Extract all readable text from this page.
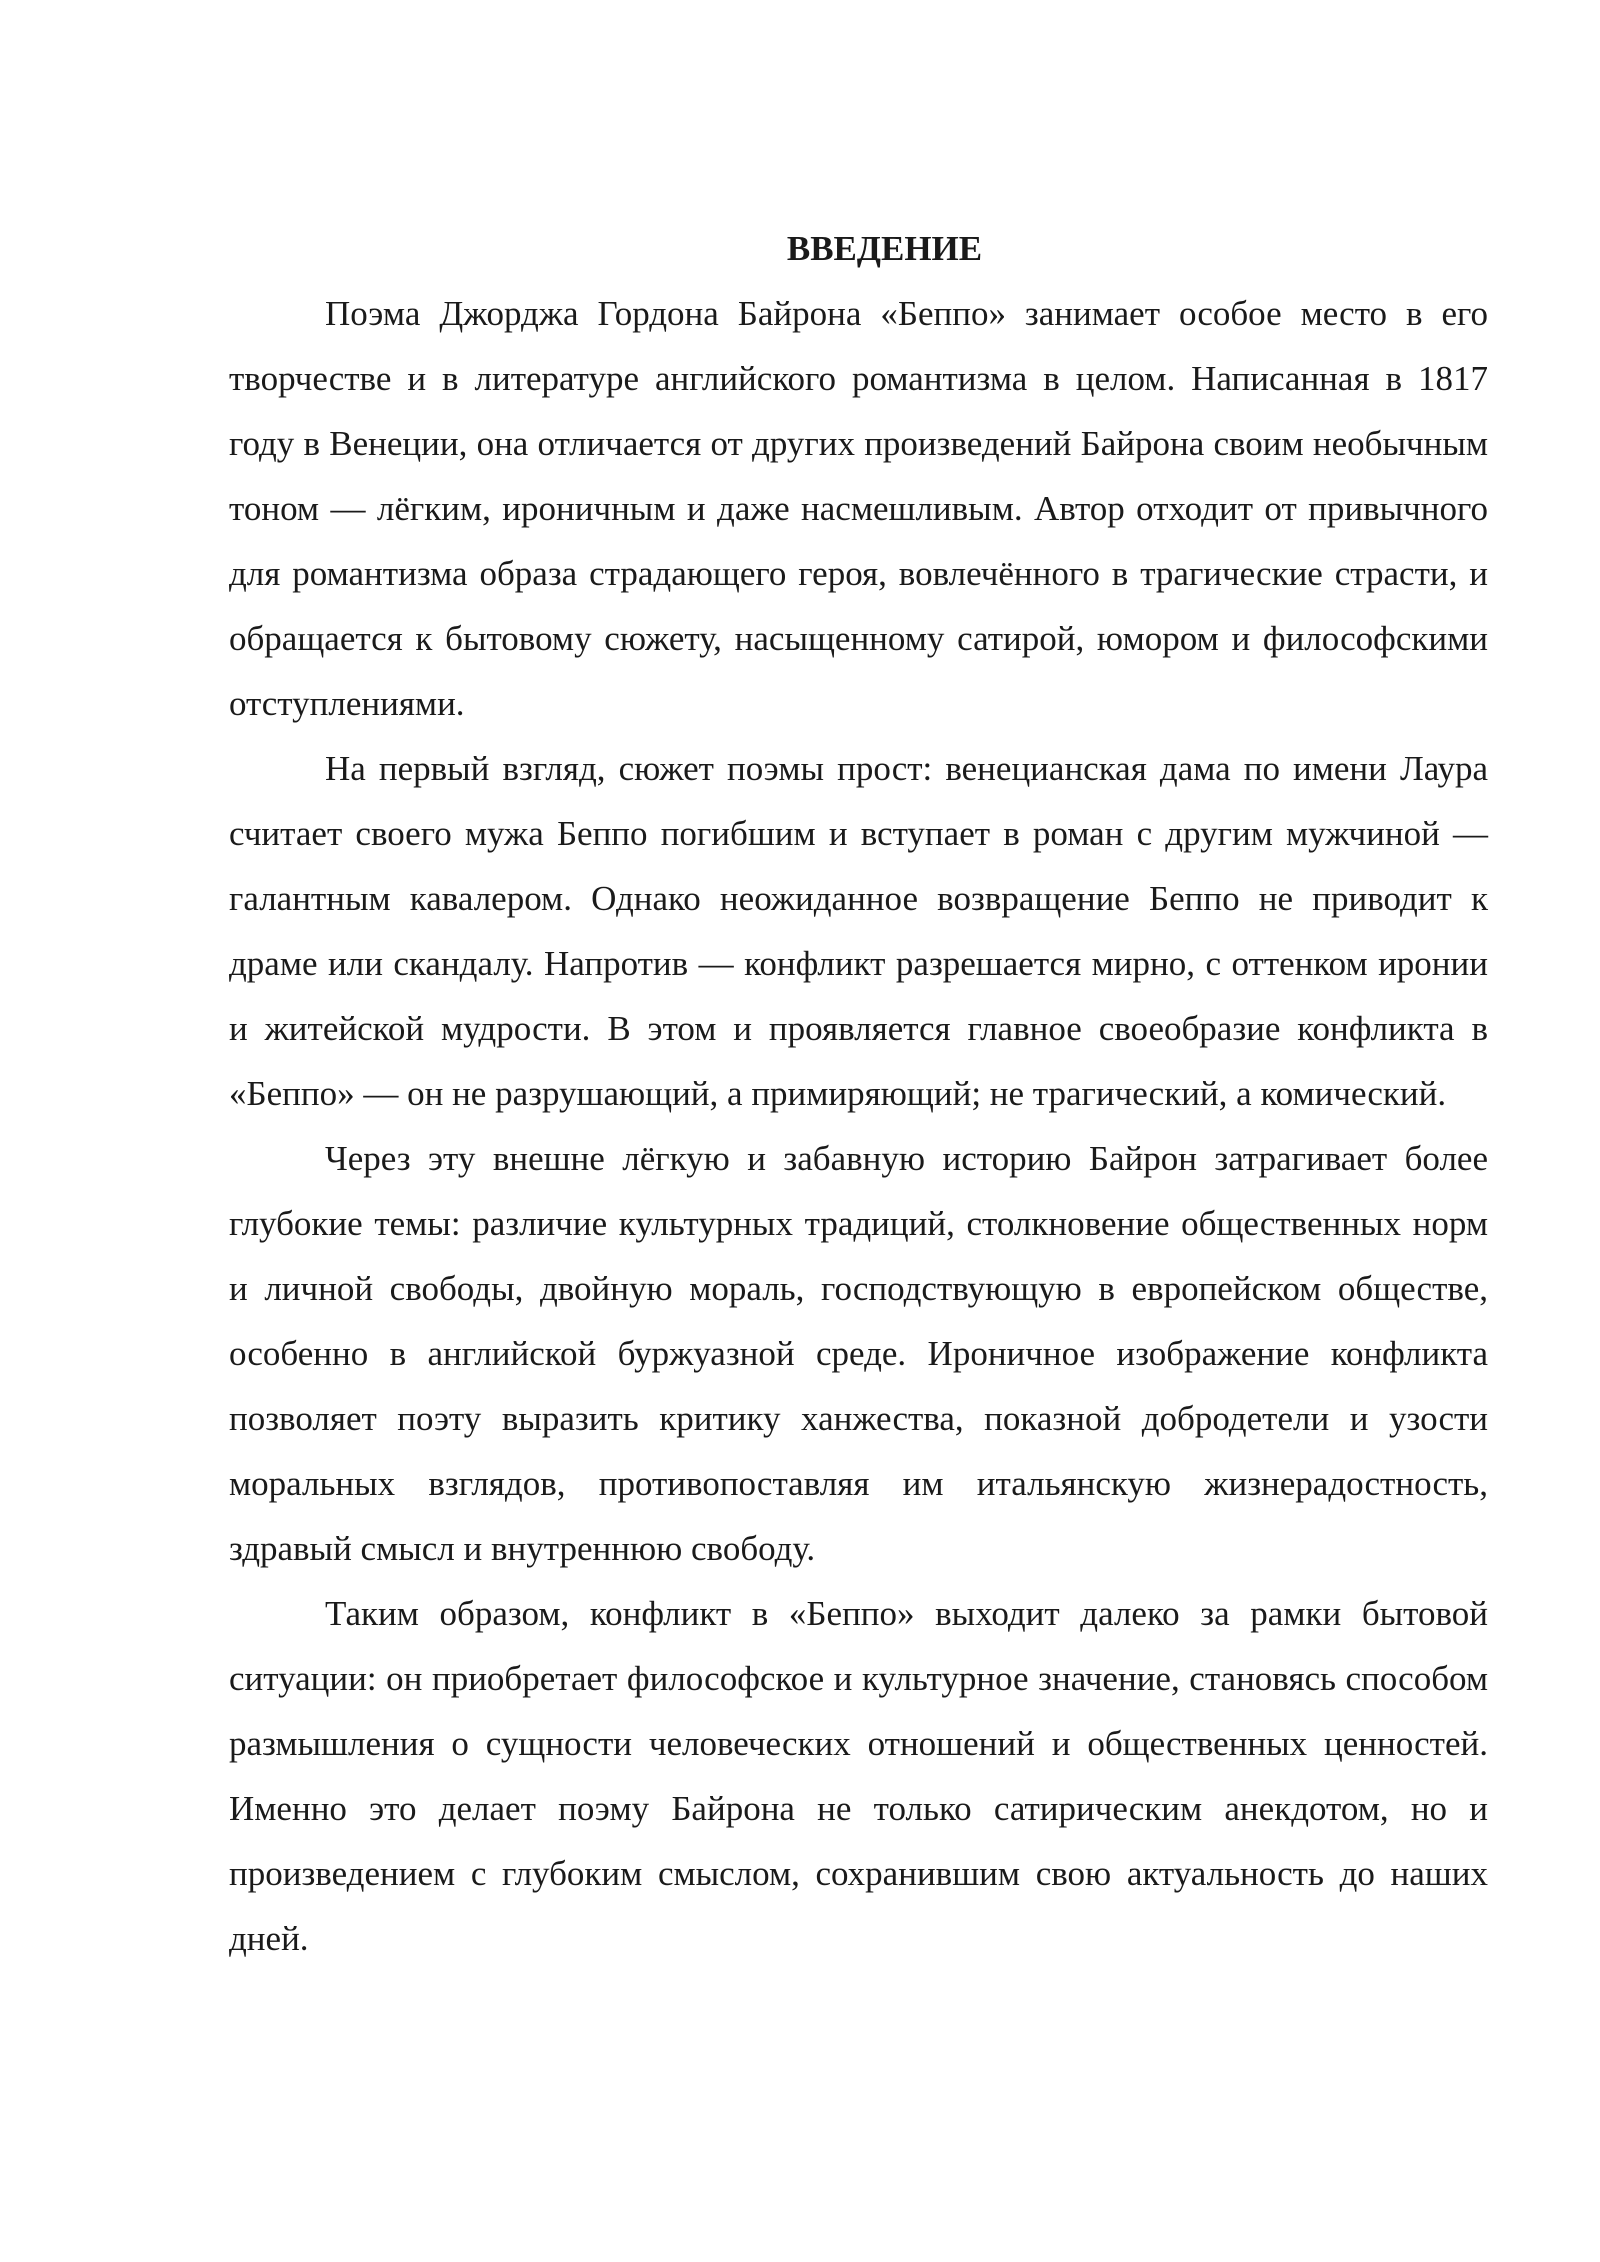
ВВЕДЕНИЕ

Поэма Джорджа Гордона Байрона «Беппо» занимает особое место в его творчестве и в литературе английского романтизма в целом. Написанная в 1817 году в Венеции, она отличается от других произведений Байрона своим необычным тоном — лёгким, ироничным и даже насмешливым. Автор отходит от привычного для романтизма образа страдающего героя, вовлечённого в трагические страсти, и обращается к бытовому сюжету, насыщенному сатирой, юмором и философскими отступлениями.

На первый взгляд, сюжет поэмы прост: венецианская дама по имени Лаура считает своего мужа Беппо погибшим и вступает в роман с другим мужчиной — галантным кавалером. Однако неожиданное возвращение Беппо не приводит к драме или скандалу. Напротив — конфликт разрешается мирно, с оттенком иронии и житейской мудрости. В этом и проявляется главное своеобразие конфликта в «Беппо» — он не разрушающий, а примиряющий; не трагический, а комический.

Через эту внешне лёгкую и забавную историю Байрон затрагивает более глубокие темы: различие культурных традиций, столкновение общественных норм и личной свободы, двойную мораль, господствующую в европейском обществе, особенно в английской буржуазной среде. Ироничное изображение конфликта позволяет поэту выразить критику ханжества, показной добродетели и узости моральных взглядов, противопоставляя им итальянскую жизнерадостность, здравый смысл и внутреннюю свободу.

Таким образом, конфликт в «Беппо» выходит далеко за рамки бытовой ситуации: он приобретает философское и культурное значение, становясь способом размышления о сущности человеческих отношений и общественных ценностей. Именно это делает поэму Байрона не только сатирическим анекдотом, но и произведением с глубоким смыслом, сохранившим свою актуальность до наших дней.
